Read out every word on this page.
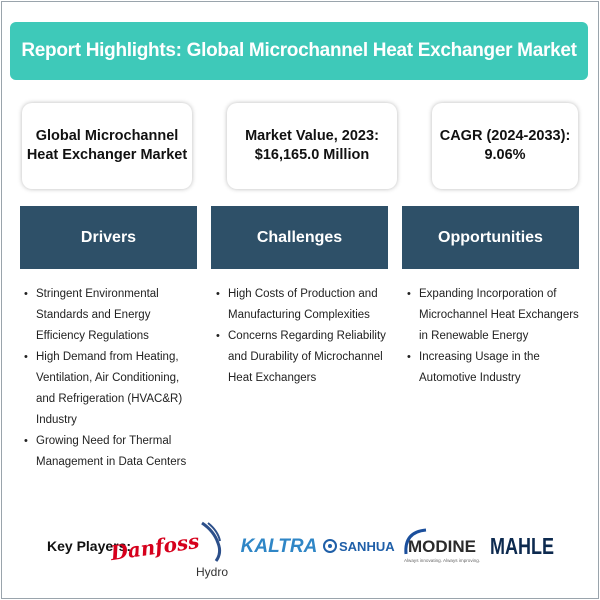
Report Highlights: Global Microchannel Heat Exchanger Market
Global Microchannel
Heat Exchanger Market
Market Value, 2023:
$16,165.0 Million
CAGR (2024-2033):
9.06%
Drivers	Challenges	Opportunities
• Stringent Environmental Standards and Energy Efficiency Regulations
• High Demand from Heating, Ventilation, Air Conditioning, and Refrigeration (HVAC&R) Industry
• Growing Need for Thermal Management in Data Centers
• High Costs of Production and Manufacturing Complexities
• Concerns Regarding Reliability and Durability of Microchannel Heat Exchangers
• Expanding Incorporation of Microchannel Heat Exchangers in Renewable Energy
• Increasing Usage in the Automotive Industry
Key Players:
Danfoss
Hydro
KALTRA SANHUA MODINE
Always innovating. Always improving.
MAHLE
